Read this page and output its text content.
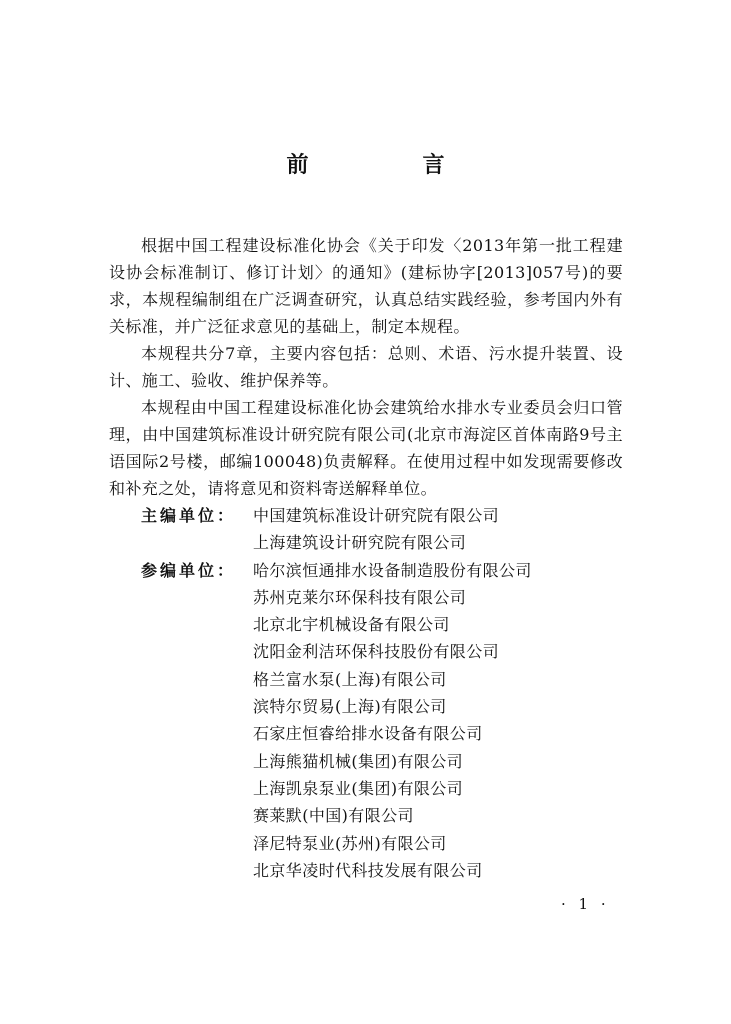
前　言

根据中国工程建设标准化协会《关于印发〈2013年第一批工程建设协会标准制订、修订计划〉的通知》(建标协字[2013]057号)的要求，本规程编制组在广泛调查研究，认真总结实践经验，参考国内外有关标准，并广泛征求意见的基础上，制定本规程。

本规程共分7章，主要内容包括：总则、术语、污水提升装置、设计、施工、验收、维护保养等。

本规程由中国工程建设标准化协会建筑给水排水专业委员会归口管理，由中国建筑标准设计研究院有限公司(北京市海淀区首体南路9号主语国际2号楼，邮编100048)负责解释。在使用过程中如发现需要修改和补充之处，请将意见和资料寄送解释单位。

主编单位：	中国建筑标准设计研究院有限公司
上海建筑设计研究院有限公司
参编单位：	哈尔滨恒通排水设备制造股份有限公司
苏州克莱尔环保科技有限公司
北京北宇机械设备有限公司
沈阳金利洁环保科技股份有限公司
格兰富水泵(上海)有限公司
滨特尔贸易(上海)有限公司
石家庄恒睿给排水设备有限公司
上海熊猫机械(集团)有限公司
上海凯泉泵业(集团)有限公司
赛莱默(中国)有限公司
泽尼特泵业(苏州)有限公司
北京华凌时代科技发展有限公司
· 1 ·
